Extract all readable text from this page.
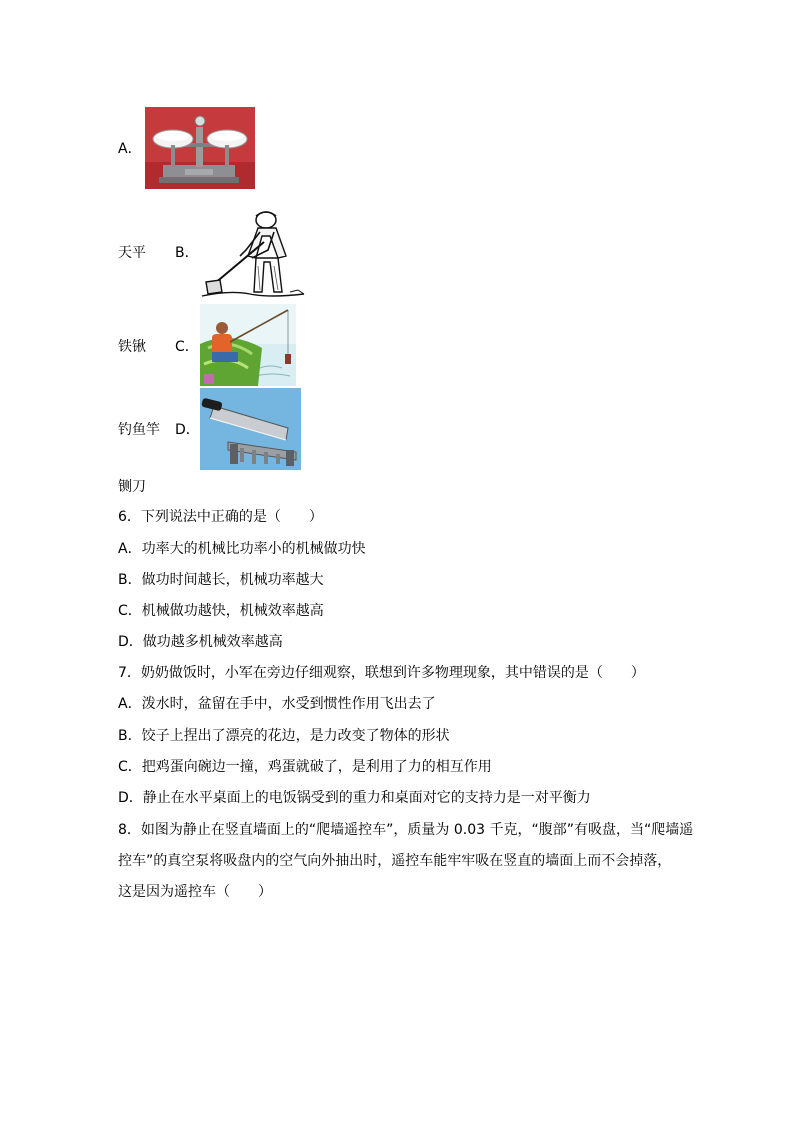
A．
天平 B．
铁锹 C．
钓鱼竿 D．
铡刀
6．下列说法中正确的是（　　）
A．功率大的机械比功率小的机械做功快
B．做功时间越长，机械功率越大
C．机械做功越快，机械效率越高
D．做功越多机械效率越高
7．奶奶做饭时，小军在旁边仔细观察，联想到许多物理现象，其中错误的是（　　）
A．泼水时，盆留在手中，水受到惯性作用飞出去了
B．饺子上捏出了漂亮的花边，是力改变了物体的形状
C．把鸡蛋向碗边一撞，鸡蛋就破了，是利用了力的相互作用
D．静止在水平桌面上的电饭锅受到的重力和桌面对它的支持力是一对平衡力
8．如图为静止在竖直墙面上的“爬墙遥控车”，质量为 0.03 千克，“腹部”有吸盘，当“爬墙遥
控车”的真空泵将吸盘内的空气向外抽出时，遥控车能牢牢吸在竖直的墙面上而不会掉落，
这是因为遥控车（　　）
